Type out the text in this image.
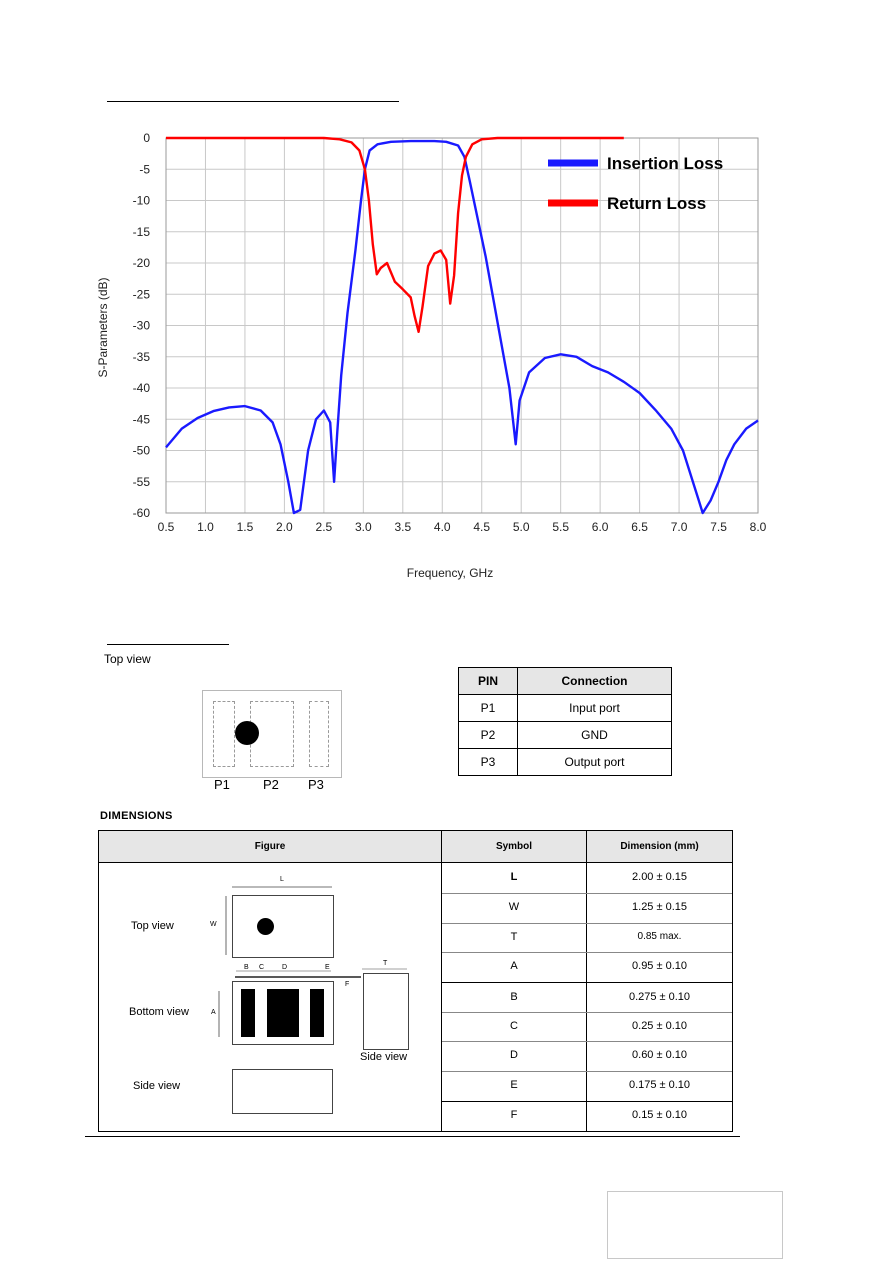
0.5 1.0 1.5 2.0 2.5 3.0 3.5 4.0 4.5 5.0 5.5 6.0 6.5 7.0 7.5 8.0
0
-5
-10
-15
-20
-25
-30
-35
-40
-45
-50
-55
-60
Insertion Loss
Return Loss
Frequency, GHz
S-Parameters (dB)
Top view
P1	P2 P3
PIN	Connection
P1	Input port
P2	GND
P3	Output port
DIMENSIONS
Figure	Symbol	Dimension (mm)
L	2.00 ± 0.15
W	1.25 ± 0.15
T	0.85 max.
A	0.95 ± 0.10
B	0.275 ± 0.10
C	0.25 ± 0.10
D	0.60 ± 0.10
E	0.175 ± 0.10
F	0.15 ± 0.10
Top view
Bottom view
Side view
Side view
L
W
T
A
B C	D	E
F
